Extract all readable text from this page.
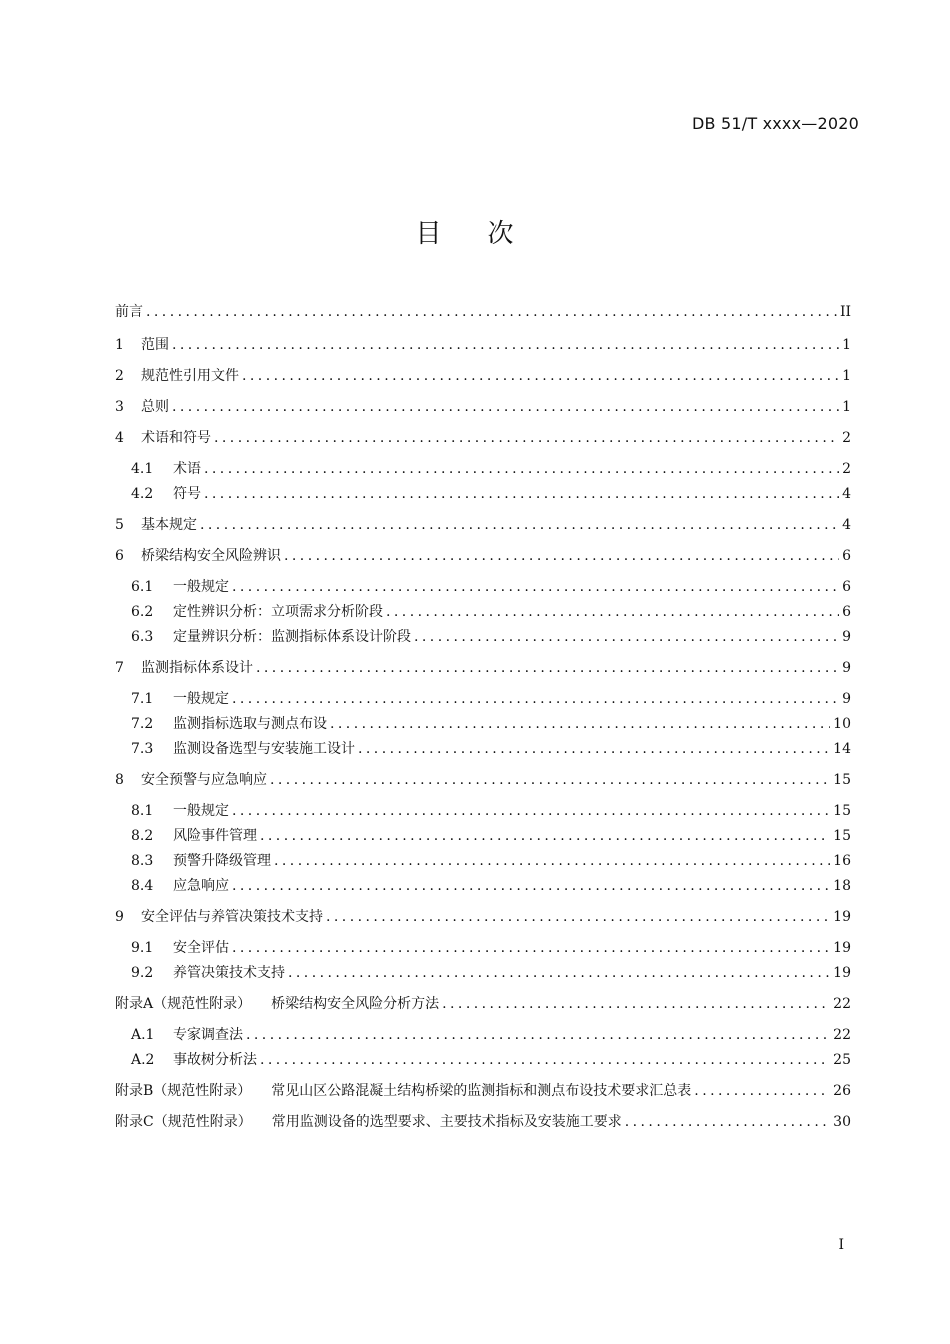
DB 51/T xxxx—2020
目次
前言 . . .	II
1	范围 . . .	1
2	规范性引用文件 . . .	1
3	总则 . . .	1
4	术语和符号 . . .	2
4.1	术语 . . .	2
4.2	符号 . . .	4
5	基本规定 . . .	4
6	桥梁结构安全风险辨识 . . .	6
6.1	一般规定 . . .	6
6.2	定性辨识分析：立项需求分析阶段 . . .	6
6.3	定量辨识分析：监测指标体系设计阶段 . . .	9
7	监测指标体系设计 . . .	9
7.1	一般规定 . . .	9
7.2	监测指标选取与测点布设 . . .	10
7.3	监测设备选型与安装施工设计 . . .	14
8	安全预警与应急响应 . . .	15
8.1	一般规定 . . .	15
8.2	风险事件管理 . . .	15
8.3	预警升降级管理 . . .	16
8.4	应急响应 . . .	18
9	安全评估与养管决策技术支持 . . .	19
9.1	安全评估 . . .	19
9.2	养管决策技术支持 . . .	19
附录A（规范性附录） 桥梁结构安全风险分析方法 . . .	22
A.1	专家调查法 . . .	22
A.2	事故树分析法 . . .	25
附录B（规范性附录） 常见山区公路混凝土结构桥梁的监测指标和测点布设技术要求汇总表 . . .	26
附录C（规范性附录） 常用监测设备的选型要求、主要技术指标及安装施工要求 . . .	30
I
